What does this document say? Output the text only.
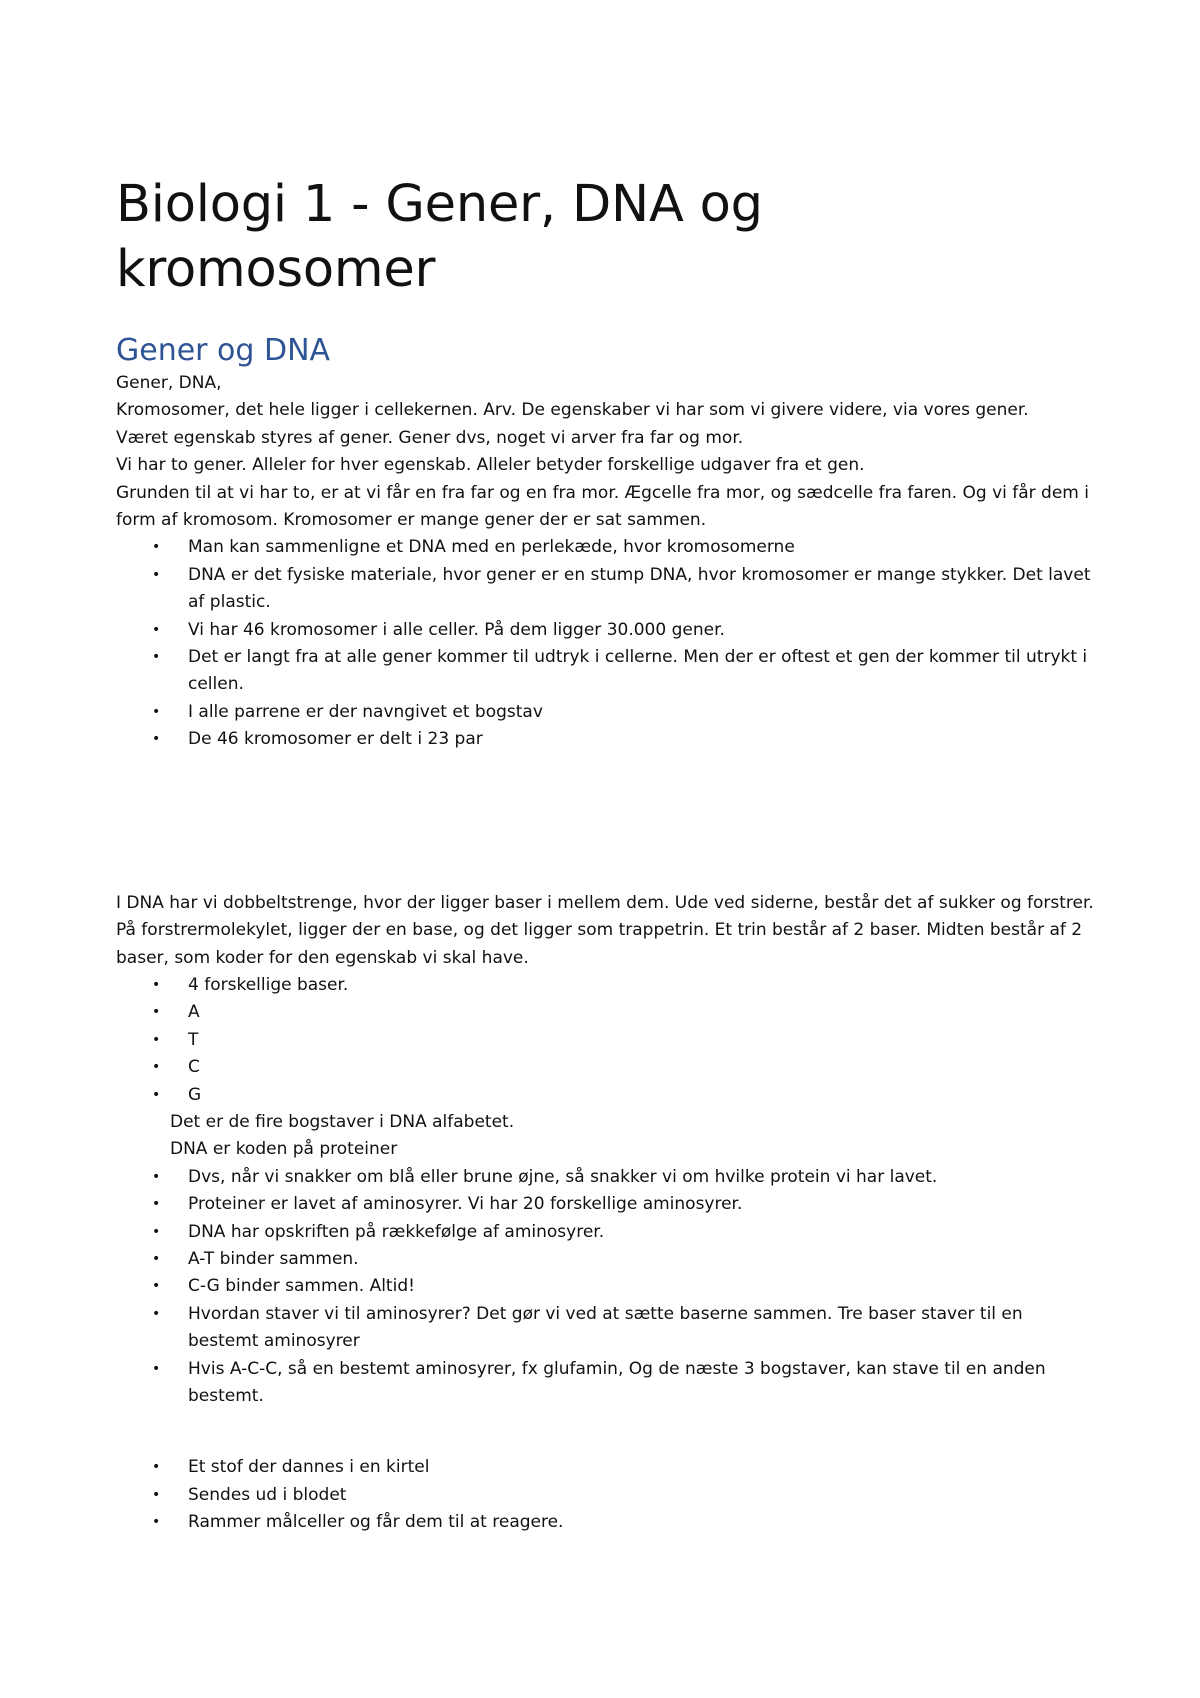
Biologi 1 - Gener, DNA og kromosomer
Gener og DNA

Gener, DNA,

Kromosomer, det hele ligger i cellekernen. Arv. De egenskaber vi har som vi givere videre, via vores gener.

Været egenskab styres af gener. Gener dvs, noget vi arver fra far og mor.

Vi har to gener. Alleler for hver egenskab. Alleler betyder forskellige udgaver fra et gen.

Grunden til at vi har to, er at vi får en fra far og en fra mor. Ægcelle fra mor, og sædcelle fra faren. Og vi får dem i form af kromosom. Kromosomer er mange gener der er sat sammen.

• Man kan sammenligne et DNA med en perlekæde, hvor kromosomerne
• DNA er det fysiske materiale, hvor gener er en stump DNA, hvor kromosomer er mange stykker. Det lavet af plastic.
• Vi har 46 kromosomer i alle celler. På dem ligger 30.000 gener.
• Det er langt fra at alle gener kommer til udtryk i cellerne. Men der er oftest et gen der kommer til utrykt i cellen.
• I alle parrene er der navngivet et bogstav
• De 46 kromosomer er delt i 23 par

I DNA har vi dobbeltstrenge, hvor der ligger baser i mellem dem. Ude ved siderne, består det af sukker og forstrer. På forstrermolekylet, ligger der en base, og det ligger som trappetrin. Et trin består af 2 baser. Midten består af 2 baser, som koder for den egenskab vi skal have.

• 4 forskellige baser.
• A
• T
• C
• G

Det er de fire bogstaver i DNA alfabetet.

DNA er koden på proteiner

• Dvs, når vi snakker om blå eller brune øjne, så snakker vi om hvilke protein vi har lavet.
• Proteiner er lavet af aminosyrer. Vi har 20 forskellige aminosyrer.
• DNA har opskriften på rækkefølge af aminosyrer.
• A-T binder sammen.
• C-G binder sammen. Altid!
• Hvordan staver vi til aminosyrer? Det gør vi ved at sætte baserne sammen. Tre baser staver til en bestemt aminosyrer
• Hvis A-C-C, så en bestemt aminosyrer, fx glufamin, Og de næste 3 bogstaver, kan stave til en anden bestemt.
• Et stof der dannes i en kirtel
• Sendes ud i blodet
• Rammer målceller og får dem til at reagere.
